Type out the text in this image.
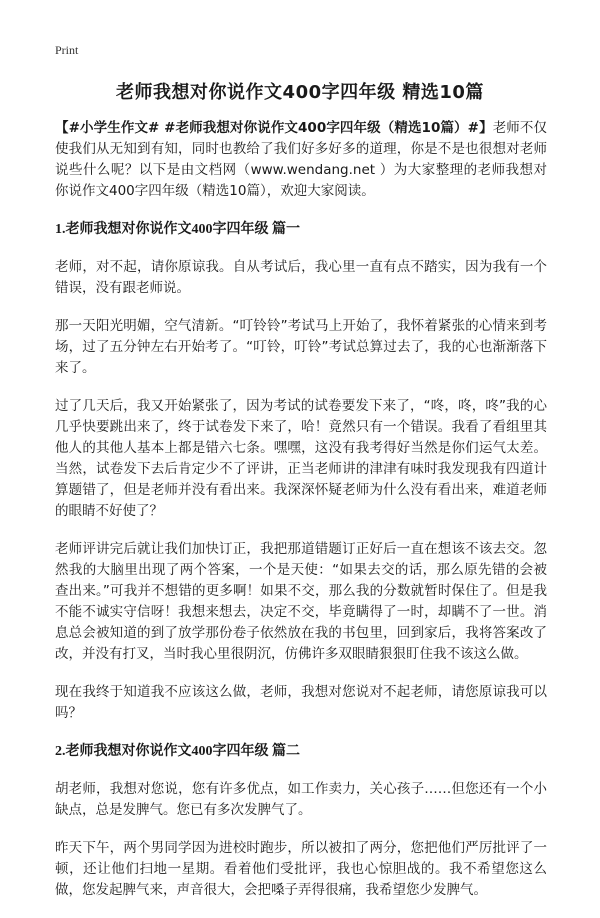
Print
老师我想对你说作文400字四年级 精选10篇

【#小学生作文# #老师我想对你说作文400字四年级（精选10篇）#】老师不仅使我们从无知到有知，同时也教给了我们好多好多的道理，你是不是也很想对老师说些什么呢？以下是由文档网（www.wendang.net ）为大家整理的老师我想对你说作文400字四年级（精选10篇），欢迎大家阅读。

1.老师我想对你说作文400字四年级 篇一

老师，对不起，请你原谅我。自从考试后，我心里一直有点不踏实，因为我有一个错误，没有跟老师说。

那一天阳光明媚，空气清新。“叮铃铃”考试马上开始了，我怀着紧张的心情来到考场，过了五分钟左右开始考了。“叮铃，叮铃”考试总算过去了，我的心也渐渐落下来了。

过了几天后，我又开始紧张了，因为考试的试卷要发下来了，“咚，咚，咚”我的心几乎快要跳出来了，终于试卷发下来了，哈！竟然只有一个错误。我看了看组里其他人的其他人基本上都是错六七条。嘿嘿，这没有我考得好当然是你们运气太差。当然，试卷发下去后肯定少不了评讲，正当老师讲的津津有味时我发现我有四道计算题错了，但是老师并没有看出来。我深深怀疑老师为什么没有看出来，难道老师的眼睛不好使了？

老师评讲完后就让我们加快订正，我把那道错题订正好后一直在想该不该去交。忽然我的大脑里出现了两个答案，一个是天使：“如果去交的话，那么原先错的会被查出来。”可我并不想错的更多啊！如果不交，那么我的分数就暂时保住了。但是我不能不诚实守信呀！我想来想去，决定不交，毕竟瞒得了一时，却瞒不了一世。消息总会被知道的到了放学那份卷子依然放在我的书包里，回到家后，我将答案改了改，并没有打叉，当时我心里很阴沉，仿佛许多双眼睛狠狠盯住我不该这么做。

现在我终于知道我不应该这么做，老师，我想对您说对不起老师，请您原谅我可以吗？

2.老师我想对你说作文400字四年级 篇二

胡老师，我想对您说，您有许多优点，如工作卖力，关心孩子……但您还有一个小缺点，总是发脾气。您已有多次发脾气了。

昨天下午，两个男同学因为进校时跑步，所以被扣了两分，您把他们严厉批评了一顿，还让他们扫地一星期。看着他们受批评，我也心惊胆战的。我不希望您这么做，您发起脾气来，声音很大，会把嗓子弄得很痛，我希望您少发脾气。
